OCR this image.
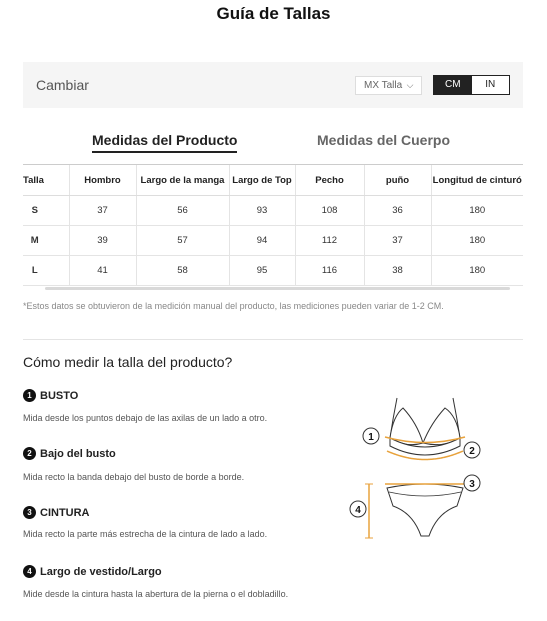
Guía de Tallas
Cambiar	MX Talla ⌵	CM	IN
Medidas del Producto	Medidas del Cuerpo
Talla	Hombro	Largo de la manga	Largo de Top	Pecho	puño	Longitud de cinturó
S	37	56	93	108	36	180
M	39	57	94	112	37	180
L	41	58	95	116	38	180
*Estos datos se obtuvieron de la medición manual del producto, las mediciones pueden variar de 1-2 CM.
Cómo medir la talla del producto?
1 BUSTO
Mida desde los puntos debajo de las axilas de un lado a otro.
2 Bajo del busto
Mida recto la banda debajo del busto de borde a borde.
3 CINTURA
Mida recto la parte más estrecha de la cintura de lado a lado.
4 Largo de vestido/Largo
Mide desde la cintura hasta la abertura de la pierna o el dobladillo.
1
2
3
4
